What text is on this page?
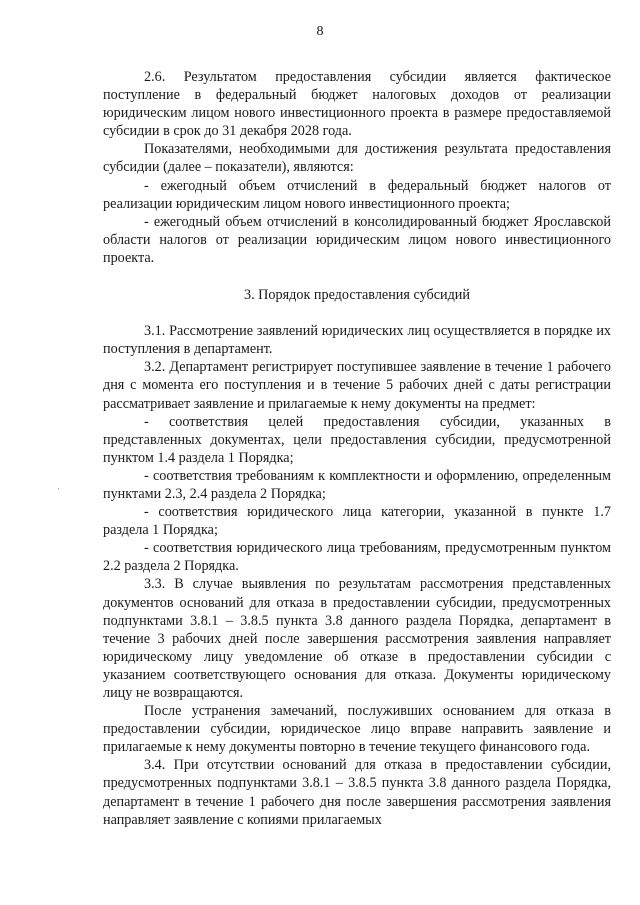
8

2.6. Результатом предоставления субсидии является фактическое поступление в федеральный бюджет налоговых доходов от реализации юридическим лицом нового инвестиционного проекта в размере предоставляемой субсидии в срок до 31 декабря 2028 года.

Показателями, необходимыми для достижения результата предоставления субсидии (далее – показатели), являются:

- ежегодный объем отчислений в федеральный бюджет налогов от реализации юридическим лицом нового инвестиционного проекта;

- ежегодный объем отчислений в консолидированный бюджет Ярославской области налогов от реализации юридическим лицом нового инвестиционного проекта.

3. Порядок предоставления субсидий

3.1. Рассмотрение заявлений юридических лиц осуществляется в порядке их поступления в департамент.

3.2. Департамент регистрирует поступившее заявление в течение 1 рабочего дня с момента его поступления и в течение 5 рабочих дней с даты регистрации рассматривает заявление и прилагаемые к нему документы на предмет:

- соответствия целей предоставления субсидии, указанных в представленных документах, цели предоставления субсидии, предусмотренной пунктом 1.4 раздела 1 Порядка;

- соответствия требованиям к комплектности и оформлению, определенным пунктами 2.3, 2.4 раздела 2 Порядка;

- соответствия юридического лица категории, указанной в пункте 1.7 раздела 1 Порядка;

- соответствия юридического лица требованиям, предусмотренным пунктом 2.2 раздела 2 Порядка.

3.3. В случае выявления по результатам рассмотрения представленных документов оснований для отказа в предоставлении субсидии, предусмотренных подпунктами 3.8.1 – 3.8.5 пункта 3.8 данного раздела Порядка, департамент в течение 3 рабочих дней после завершения рассмотрения заявления направляет юридическому лицу уведомление об отказе в предоставлении субсидии с указанием соответствующего основания для отказа. Документы юридическому лицу не возвращаются.

После устранения замечаний, послуживших основанием для отказа в предоставлении субсидии, юридическое лицо вправе направить заявление и прилагаемые к нему документы повторно в течение текущего финансового года.

3.4. При отсутствии оснований для отказа в предоставлении субсидии, предусмотренных подпунктами 3.8.1 – 3.8.5 пункта 3.8 данного раздела Порядка, департамент в течение 1 рабочего дня после завершения рассмотрения заявления направляет заявление с копиями прилагаемых
